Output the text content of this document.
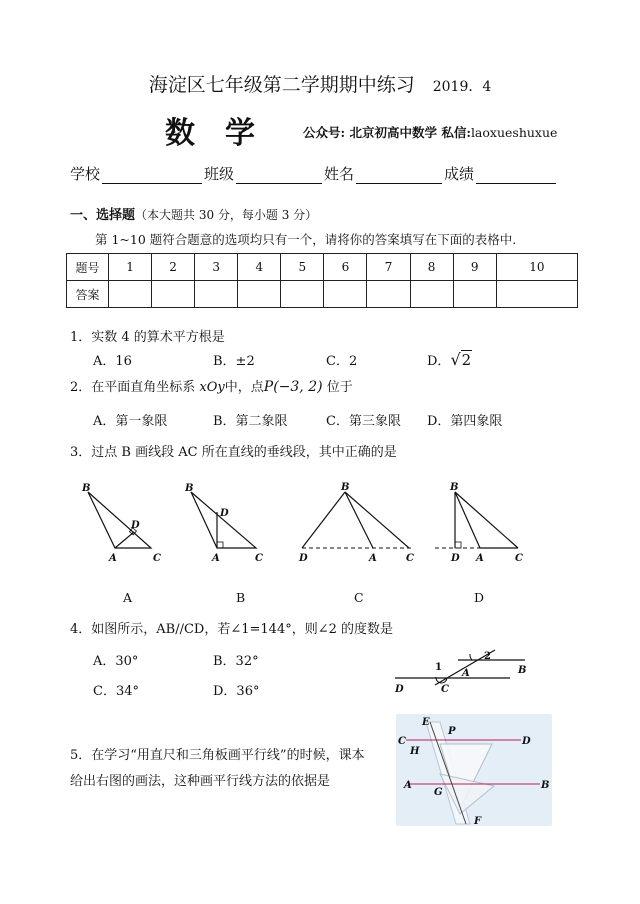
海淀区七年级第二学期期中练习 2019．4
数学 公众号: 北京初高中数学 私信:laoxueshuxue
学校	班级	姓名	成绩
一、选择题（本大题共 30 分，每小题 3 分）
第 1~10 题符合题意的选项均只有一个，请将你的答案填写在下面的表格中.
题号	1	2	3	4	5	6	7	8	9	10
答案										
1．实数 4 的算术平方根是
A．16	B．±2	C．2	D．√2
2．在平面直角坐标系 xOy中，点P(−3, 2) 位于
A．第一象限	B．第二象限	C．第三象限 D．第四象限
3．过点 B 画线段 AC 所在直线的垂线段，其中正确的是
B
D
A	C
B
D
A	C
B
D	A	C
B
D A	C
A	B	C	D
4．如图所示，AB//CD，若∠1=144°，则∠2 的度数是
A．30°	B．32°
C．34°	D．36°
1
2
A	B
C
D
5．在学习“用直尺和三角板画平行线”的时候，课本
给出右图的画法，这种画平行线方法的依据是
E
P
C	D
H
A
G
B
F
